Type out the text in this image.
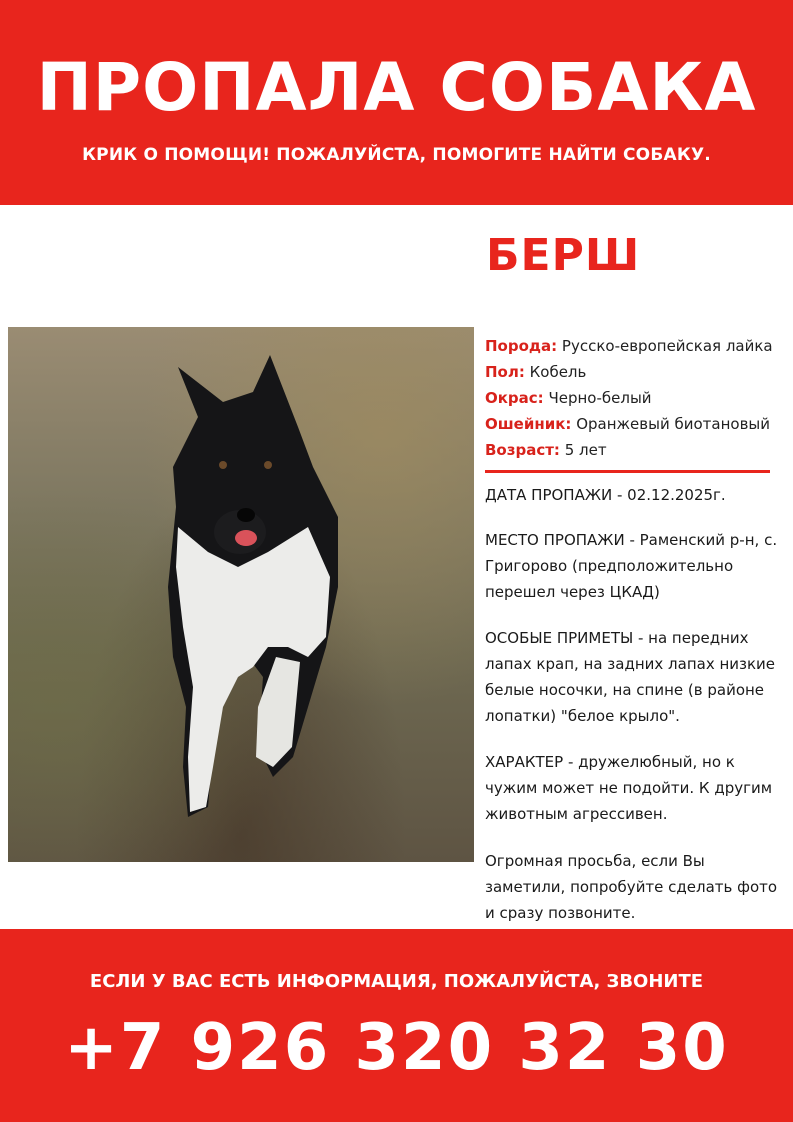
ПРОПАЛА СОБАКА
КРИК О ПОМОЩИ! ПОЖАЛУЙСТА, ПОМОГИТЕ НАЙТИ СОБАКУ.
БЕРШ
Порода: Русско-европейская лайка
Пол: Кобель
Окрас: Черно-белый
Ошейник: Оранжевый биотановый
Возраст: 5 лет
ДАТА ПРОПАЖИ - 02.12.2025г.
МЕСТО ПРОПАЖИ - Раменский р-н, с. Григорово (предположительно перешел через ЦКАД)
ОСОБЫЕ ПРИМЕТЫ - на передних лапах крап, на задних лапах низкие белые носочки, на спине (в районе лопатки) "белое крыло".
ХАРАКТЕР - дружелюбный, но к чужим может не подойти. К другим животным агрессивен.
Огромная просьба, если Вы заметили, попробуйте сделать фото и сразу позвоните.
ЕСЛИ У ВАС ЕСТЬ ИНФОРМАЦИЯ, ПОЖАЛУЙСТА, ЗВОНИТЕ
+7 926 320 32 30
